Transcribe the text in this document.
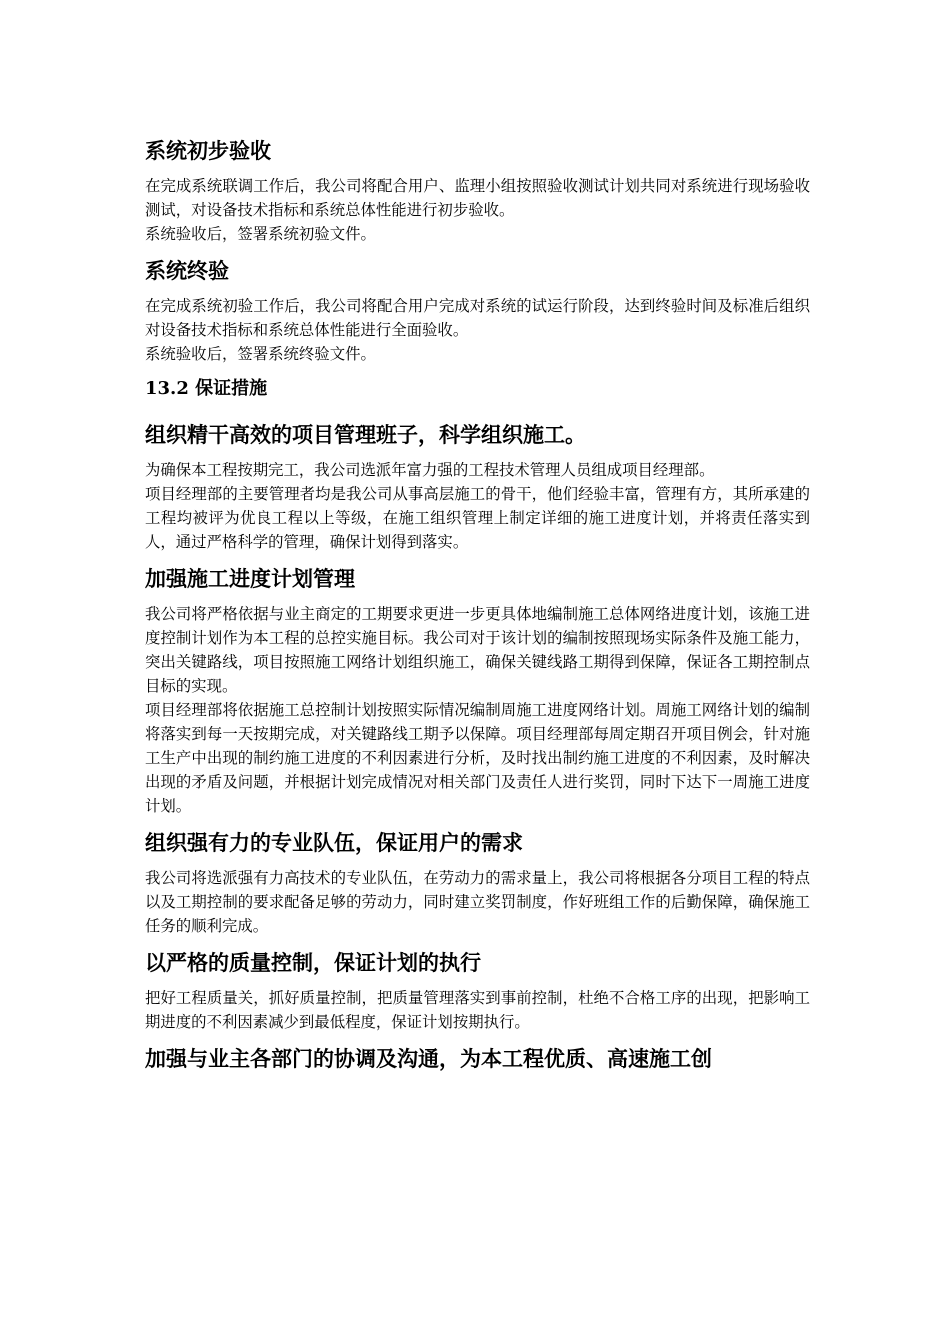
系统初步验收

在完成系统联调工作后，我公司将配合用户、监理小组按照验收测试计划共同对系统进行现场验收测试，对设备技术指标和系统总体性能进行初步验收。

系统验收后，签署系统初验文件。

系统终验

在完成系统初验工作后，我公司将配合用户完成对系统的试运行阶段，达到终验时间及标准后组织对设备技术指标和系统总体性能进行全面验收。

系统验收后，签署系统终验文件。

13.2 保证措施
组织精干高效的项目管理班子，科学组织施工。

为确保本工程按期完工，我公司选派年富力强的工程技术管理人员组成项目经理部。

项目经理部的主要管理者均是我公司从事高层施工的骨干，他们经验丰富，管理有方，其所承建的工程均被评为优良工程以上等级，在施工组织管理上制定详细的施工进度计划，并将责任落实到人，通过严格科学的管理，确保计划得到落实。

加强施工进度计划管理

我公司将严格依据与业主商定的工期要求更进一步更具体地编制施工总体网络进度计划，该施工进度控制计划作为本工程的总控实施目标。我公司对于该计划的编制按照现场实际条件及施工能力，突出关键路线，项目按照施工网络计划组织施工，确保关键线路工期得到保障，保证各工期控制点目标的实现。

项目经理部将依据施工总控制计划按照实际情况编制周施工进度网络计划。周施工网络计划的编制将落实到每一天按期完成，对关键路线工期予以保障。项目经理部每周定期召开项目例会，针对施工生产中出现的制约施工进度的不利因素进行分析，及时找出制约施工进度的不利因素，及时解决出现的矛盾及问题，并根据计划完成情况对相关部门及责任人进行奖罚，同时下达下一周施工进度计划。

组织强有力的专业队伍，保证用户的需求

我公司将选派强有力高技术的专业队伍，在劳动力的需求量上，我公司将根据各分项目工程的特点以及工期控制的要求配备足够的劳动力，同时建立奖罚制度，作好班组工作的后勤保障，确保施工任务的顺利完成。

以严格的质量控制，保证计划的执行

把好工程质量关，抓好质量控制，把质量管理落实到事前控制，杜绝不合格工序的出现，把影响工期进度的不利因素减少到最低程度，保证计划按期执行。

加强与业主各部门的协调及沟通，为本工程优质、高速施工创
